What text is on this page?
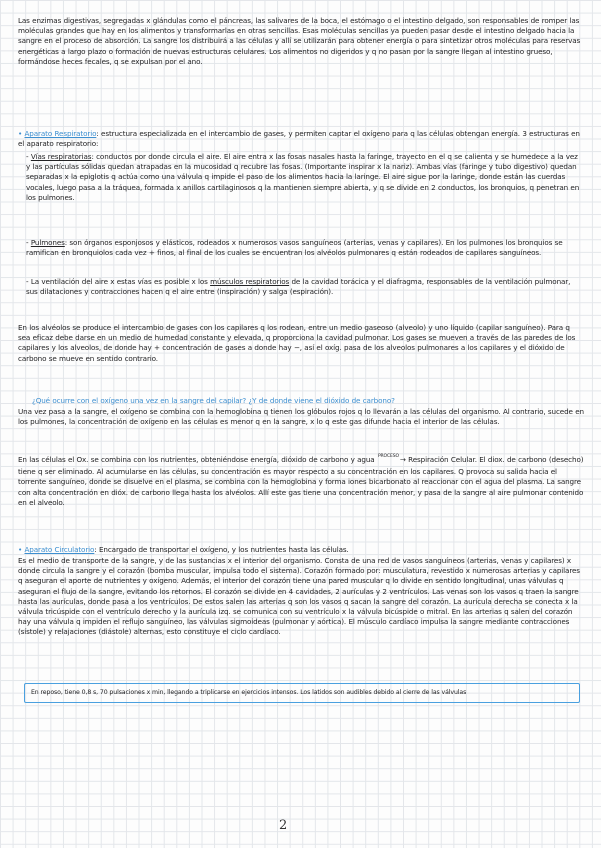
Las enzimas digestivas, segregadas x glándulas como el páncreas, las salivares de la boca, el estómago o el intestino delgado, son responsables de romper las moléculas grandes que hay en los alimentos y transformarlas en otras sencillas. Esas moléculas sencillas ya pueden pasar desde el intestino delgado hacia la sangre en el proceso de absorción. La sangre los distribuirá a las células y allí se utilizarán para obtener energía o para sintetizar otros moléculas para reservas energéticas a largo plazo o formación de nuevas estructuras celulares. Los alimentos no digeridos y q no pasan por la sangre llegan al intestino grueso, formándose heces fecales, q se expulsan por el ano.
• Aparato Respiratorio: estructura especializada en el intercambio de gases, y permiten captar el oxígeno para q las células obtengan energía. 3 estructuras en el aparato respiratorio:
- Vías respiratorias: conductos por donde circula el aire. El aire entra x las fosas nasales hasta la faringe, trayecto en el q se calienta y se humedece a la vez y las partículas sólidas quedan atrapadas en la mucosidad q recubre las fosas. (Importante inspirar x la nariz). Ambas vías (faringe y tubo digestivo) quedan separadas x la epiglotis q actúa como una válvula q impide el paso de los alimentos hacia la laringe. El aire sigue por la laringe, donde están las cuerdas vocales, luego pasa a la tráquea, formada x anillos cartilaginosos q la mantienen siempre abierta, y q se divide en 2 conductos, los bronquios, q penetran en los pulmones.
- Pulmones: son órganos esponjosos y elásticos, rodeados x numerosos vasos sanguíneos (arterias, venas y capilares). En los pulmones los bronquios se ramifican en bronquiolos cada vez + finos, al final de los cuales se encuentran los alvéolos pulmonares q están rodeados de capilares sanguíneos.
- La ventilación del aire x estas vías es posible x los músculos respiratorios de la cavidad torácica y el diafragma, responsables de la ventilación pulmonar, sus dilataciones y contracciones hacen q el aire entre (inspiración) y salga (espiración).
En los alvéolos se produce el intercambio de gases con los capilares q los rodean, entre un medio gaseoso (alveolo) y uno líquido (capilar sanguíneo). Para q sea eficaz debe darse en un medio de humedad constante y elevada, q proporciona la cavidad pulmonar. Los gases se mueven a través de las paredes de los capilares y los alveolos, de donde hay + concentración de gases a donde hay −, así el oxíg. pasa de los alveolos pulmonares a los capilares y el dióxido de carbono se mueve en sentido contrario.
¿Qué ocurre con el oxígeno una vez en la sangre del capilar? ¿Y de donde viene el dióxido de carbono?
Una vez pasa a la sangre, el oxígeno se combina con la hemoglobina q tienen los glóbulos rojos q lo llevarán a las células del organismo. Al contrario, sucede en los pulmones, la concentración de oxígeno en las células es menor q en la sangre, x lo q este gas difunde hacia el interior de las células.
En las células el Ox. se combina con los nutrientes, obteniéndose energía, dióxido de carbono y agua $^{PROCESO}$→ Respiración Celular. El diox. de carbono (desecho) tiene q ser eliminado. Al acumularse en las células, su concentración es mayor respecto a su concentración en los capilares. Q provoca su salida hacia el torrente sanguíneo, donde se disuelve en el plasma, se combina con la hemoglobina y forma iones bicarbonato al reaccionar con el agua del plasma. La sangre con alta concentración en dióx. de carbono llega hasta los alvéolos. Allí este gas tiene una concentración menor, y pasa de la sangre al aire pulmonar contenido en el alveolo.
• Aparato Circulatorio: Encargado de transportar el oxígeno, y los nutrientes hasta las células.
Es el medio de transporte de la sangre, y de las sustancias x el interior del organismo. Consta de una red de vasos sanguíneos (arterias, venas y capilares) x donde circula la sangre y el corazón (bomba muscular, impulsa todo el sistema). Corazón formado por: musculatura, revestido x numerosas arterias y capilares q aseguran el aporte de nutrientes y oxígeno. Además, el interior del corazón tiene una pared muscular q lo divide en sentido longitudinal, unas válvulas q aseguran el flujo de la sangre, evitando los retornos. El corazón se divide en 4 cavidades, 2 aurículas y 2 ventrículos. Las venas son los vasos q traen la sangre hasta las aurículas, donde pasa a los ventrículos. De estos salen las arterias q son los vasos q sacan la sangre del corazón. La aurícula derecha se conecta x la válvula tricúspide con el ventrículo derecho y la aurícula izq. se comunica con su ventrículo x la válvula bicúspide o mitral. En las arterias q salen del corazón hay una válvula q impiden el reflujo sanguíneo, las válvulas sigmoideas (pulmonar y aórtica). El músculo cardíaco impulsa la sangre mediante contracciones (sístole) y relajaciones (diástole) alternas, esto constituye el ciclo cardíaco.
En reposo, tiene 0,8 s, 70 pulsaciones x min, llegando a triplicarse en ejercicios intensos. Los latidos son audibles debido al cierre de las válvulas
2
